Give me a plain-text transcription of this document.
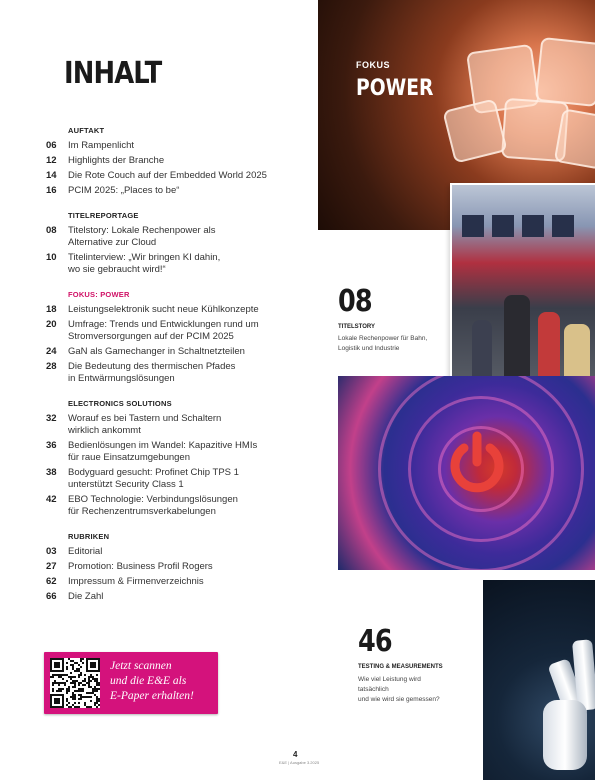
INHALT
AUFTAKT
06	Im Rampenlicht
12	Highlights der Branche
14	Die Rote Couch auf der Embedded World 2025
16	PCIM 2025: „Places to be“
TITELREPORTAGE
08	Titelstory: Lokale Rechenpower als
Alternative zur Cloud
10	Titelinterview: „Wir bringen KI dahin,
wo sie gebraucht wird!“
FOKUS: POWER
18	Leistungselektronik sucht neue Kühlkonzepte
20	Umfrage: Trends und Entwicklungen rund um
Stromversorgungen auf der PCIM 2025
24	GaN als Gamechanger in Schaltnetzteilen
28	Die Bedeutung des thermischen Pfades
in Entwärmungslösungen
ELECTRONICS SOLUTIONS
32	Worauf es bei Tastern und Schaltern
wirklich ankommt
36	Bedienlösungen im Wandel: Kapazitive HMIs
für raue Einsatzumgebungen
38	Bodyguard gesucht: Profinet Chip TPS 1
unterstützt Security Class 1
42	EBO Technologie: Verbindungslösungen
für Rechenzentrumsverkabelungen
RUBRIKEN
03	Editorial
27	Promotion: Business Profil Rogers
62	Impressum & Firmenverzeichnis
66	Die Zahl
Jetzt scannen
und die E&E als
E-Paper erhalten!
FOKUS
POWER
08
TITELSTORY
Lokale Rechenpower für Bahn,
Logistik und Industrie
46
TESTING & MEASUREMENTS
Wie viel Leistung wird tatsächlich
und wie wird sie gemessen?
4
E&E | Ausgabe 3.2025
